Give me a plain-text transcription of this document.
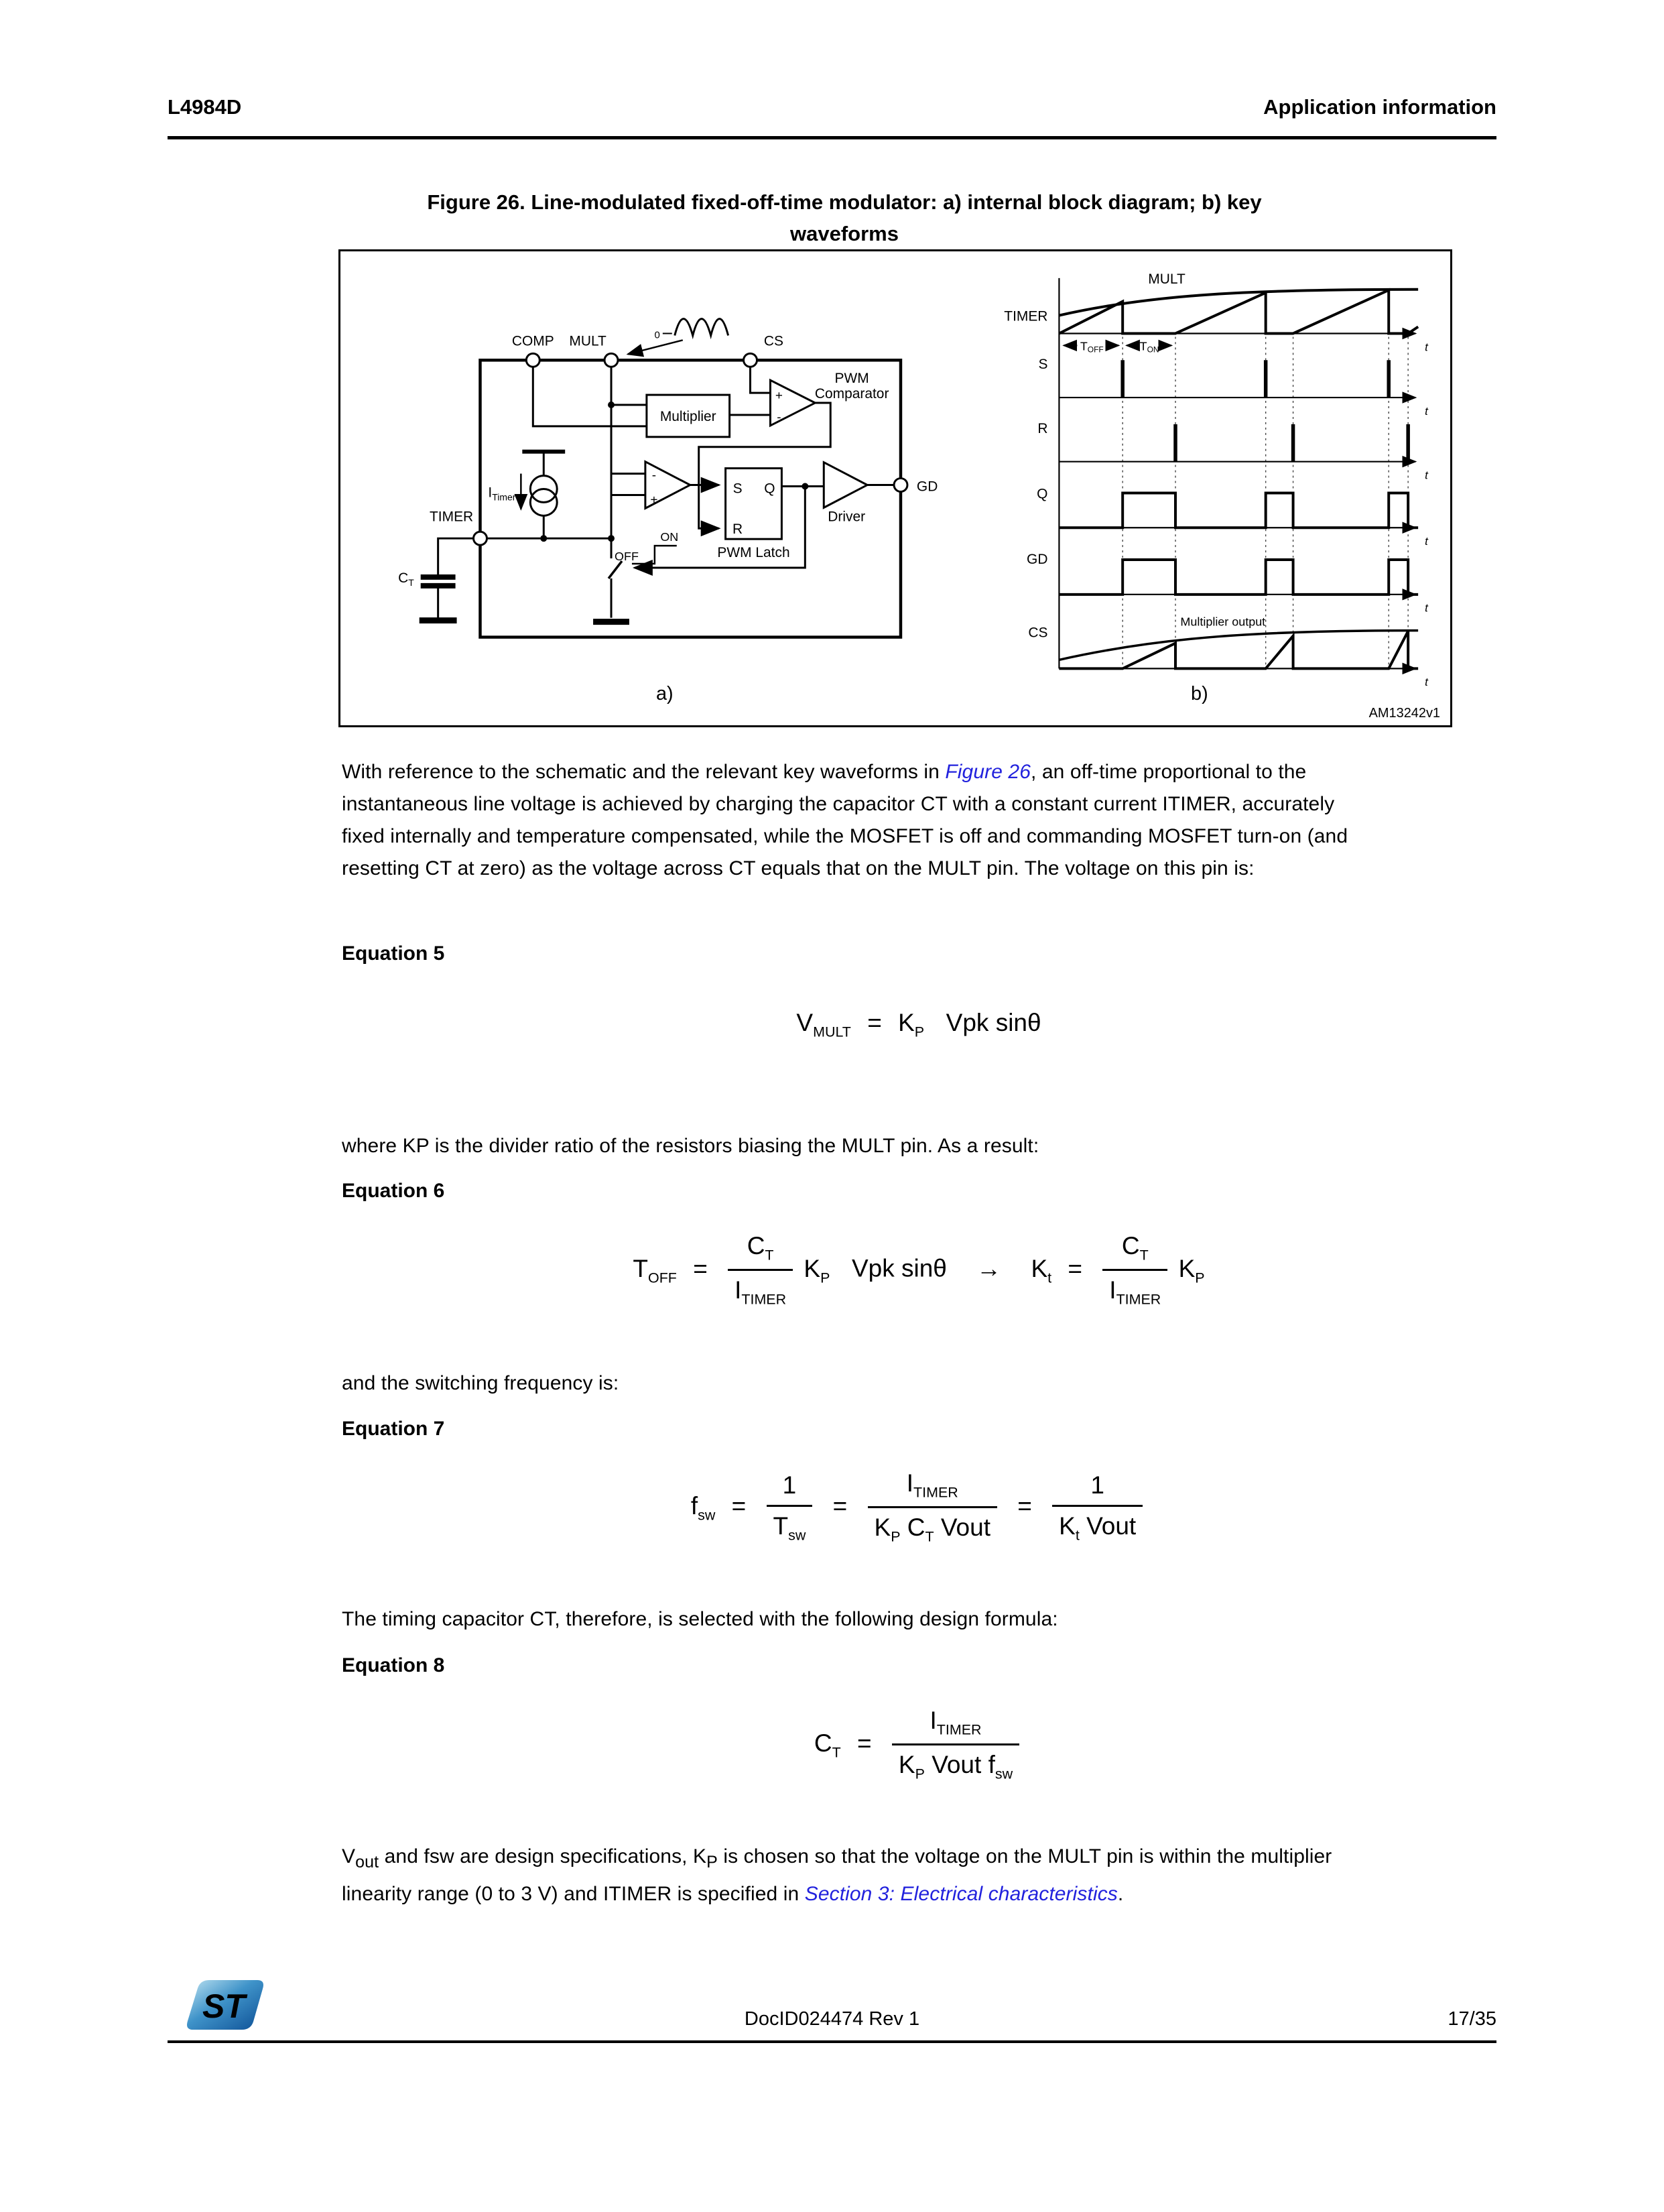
L4984D	Application information
Figure 26. Line-modulated fixed-off-time modulator: a) internal block diagram; b) key
waveforms
0
COMP MULT	CS
TIMER
GD
Multiplier
+
-
PWM
Comparator
-
+
S Q
R
PWM Latch
Driver
ITimer
ON
OFF
CT
a)
TOFF	TON
TIMER
MULT
S
R
Q
GD
CS
Multiplier output
t
t
t
t
t
t
b)
AM13242v1

With reference to the schematic and the relevant key waveforms in Figure 26, an off-time proportional to the instantaneous line voltage is achieved by charging the capacitor CT with a constant current ITIMER, accurately fixed internally and temperature compensated, while the MOSFET is off and commanding MOSFET turn-on (and resetting CT at zero) as the voltage across CT equals that on the MULT pin. The voltage on this pin is:

Equation 5
$V_{MULT} = K_P$ Vpk sinθ

where KP is the divider ratio of the resistors biasing the MULT pin. As a result:

Equation 6
$T_{OFF} = \frac{C_T}{I_{TIMER}} K_P$ Vpk $\sin\theta \to K_t = \frac{C_T}{I_{TIMER}} K_P$

and the switching frequency is:

Equation 7
$f_{sw} = \frac{1}{T_{sw}} = \frac{I_{TIMER}}{K_P C_T Vout} = \frac{1}{K_t Vout}$

The timing capacitor CT, therefore, is selected with the following design formula:

Equation 8
$C_T = \frac{I_{TIMER}}{K_P Vout f_{sw}}$

$V_{out}$ and fsw are design specifications, $K_P$ is chosen so that the voltage on the MULT pin is within the multiplier linearity range (0 to 3 V) and ITIMER is specified in Section 3: Electrical characteristics.

ST	DocID024474 Rev 1	17/35
